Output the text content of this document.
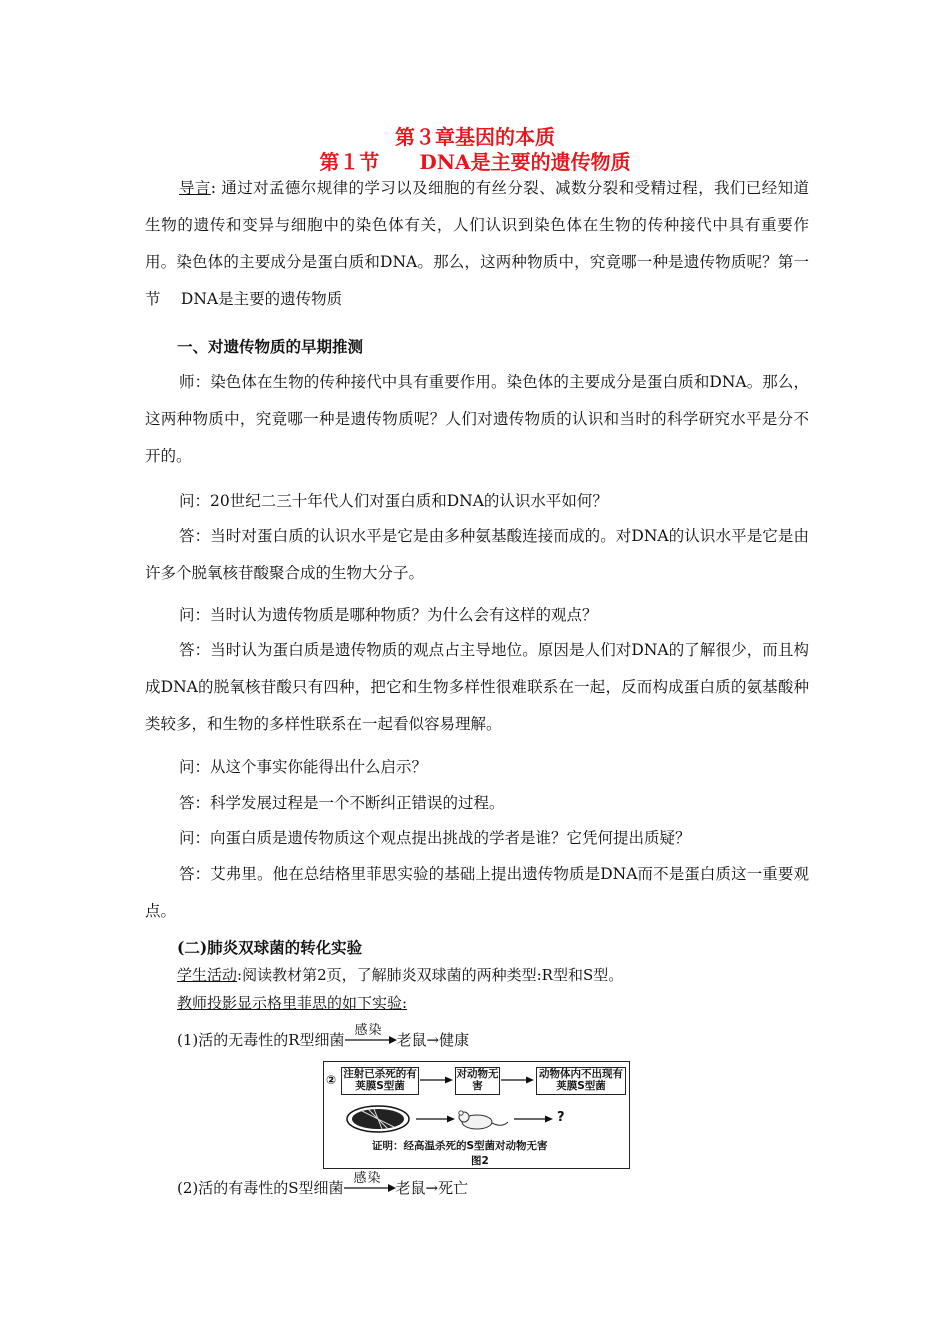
第３章基因的本质
第１节　　DNA是主要的遗传物质

导言: 通过对孟德尔规律的学习以及细胞的有丝分裂、减数分裂和受精过程，我们已经知道生物的遗传和变异与细胞中的染色体有关，人们认识到染色体在生物的传种接代中具有重要作用。染色体的主要成分是蛋白质和DNA。那么，这两种物质中，究竟哪一种是遗传物质呢？第一节　 DNA是主要的遗传物质

一、对遗传物质的早期推测

师：染色体在生物的传种接代中具有重要作用。染色体的主要成分是蛋白质和DNA。那么，这两种物质中，究竟哪一种是遗传物质呢？人们对遗传物质的认识和当时的科学研究水平是分不开的。

问：20世纪二三十年代人们对蛋白质和DNA的认识水平如何？

答：当时对蛋白质的认识水平是它是由多种氨基酸连接而成的。对DNA的认识水平是它是由许多个脱氧核苷酸聚合成的生物大分子。

问：当时认为遗传物质是哪种物质？为什么会有这样的观点？

答：当时认为蛋白质是遗传物质的观点占主导地位。原因是人们对DNA的了解很少，而且构成DNA的脱氧核苷酸只有四种，把它和生物多样性很难联系在一起，反而构成蛋白质的氨基酸种类较多，和生物的多样性联系在一起看似容易理解。

问：从这个事实你能得出什么启示？

答：科学发展过程是一个不断纠正错误的过程。

问：向蛋白质是遗传物质这个观点提出挑战的学者是谁？它凭何提出质疑？

答：艾弗里。他在总结格里菲思实验的基础上提出遗传物质是DNA而不是蛋白质这一重要观点。

(二)肺炎双球菌的转化实验
学生活动:阅读教材第2页，了解肺炎双球菌的两种类型:R型和S型。
教师投影显示格里菲思的如下实验:
(1)活的无毒性的R型细菌
感染
老鼠→健康
② 注射已杀死的有荚膜S型菌
对动物无害
动物体内不出现有荚膜S型菌
?
证明：经高温杀死的S型菌对动物无害
图2
(2)活的有毒性的S型细菌
感染
老鼠→死亡
